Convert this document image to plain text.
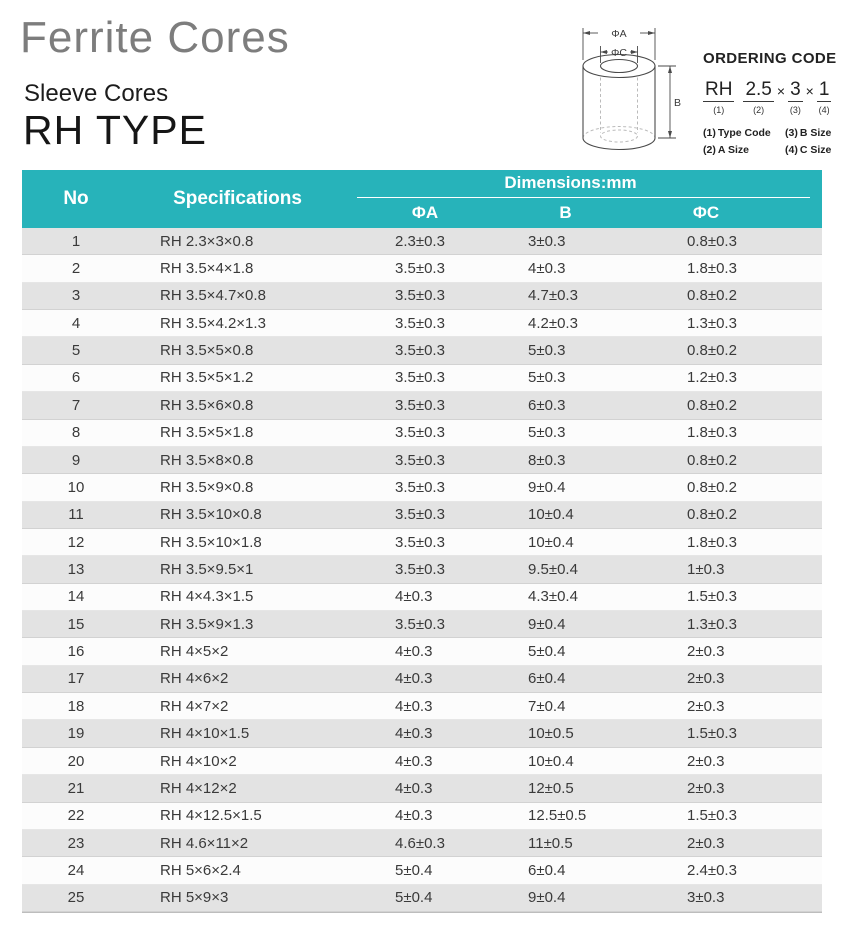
Ferrite Cores
Sleeve Cores
RH TYPE
ΦA
ΦC
B
ORDERING CODE
RH
(1)
2.5
(2)
× 3
(3)
× 1
(4)
(1) Type Code	(3) B Size
(2) A Size	(4) C Size
No	Specifications
Dimensions:mm
ΦA	B	ΦC
1	RH 2.3×3×0.8	2.3±0.3	3±0.3	0.8±0.3
2	RH 3.5×4×1.8	3.5±0.3	4±0.3	1.8±0.3
3	RH 3.5×4.7×0.8	3.5±0.3	4.7±0.3	0.8±0.2
4	RH 3.5×4.2×1.3	3.5±0.3	4.2±0.3	1.3±0.3
5	RH 3.5×5×0.8	3.5±0.3	5±0.3	0.8±0.2
6	RH 3.5×5×1.2	3.5±0.3	5±0.3	1.2±0.3
7	RH 3.5×6×0.8	3.5±0.3	6±0.3	0.8±0.2
8	RH 3.5×5×1.8	3.5±0.3	5±0.3	1.8±0.3
9	RH 3.5×8×0.8	3.5±0.3	8±0.3	0.8±0.2
10	RH 3.5×9×0.8	3.5±0.3	9±0.4	0.8±0.2
11	RH 3.5×10×0.8	3.5±0.3	10±0.4	0.8±0.2
12	RH 3.5×10×1.8	3.5±0.3	10±0.4	1.8±0.3
13	RH 3.5×9.5×1	3.5±0.3	9.5±0.4	1±0.3
14	RH 4×4.3×1.5	4±0.3	4.3±0.4	1.5±0.3
15	RH 3.5×9×1.3	3.5±0.3	9±0.4	1.3±0.3
16	RH 4×5×2	4±0.3	5±0.4	2±0.3
17	RH 4×6×2	4±0.3	6±0.4	2±0.3
18	RH 4×7×2	4±0.3	7±0.4	2±0.3
19	RH 4×10×1.5	4±0.3	10±0.5	1.5±0.3
20	RH 4×10×2	4±0.3	10±0.4	2±0.3
21	RH 4×12×2	4±0.3	12±0.5	2±0.3
22	RH 4×12.5×1.5	4±0.3	12.5±0.5	1.5±0.3
23	RH 4.6×11×2	4.6±0.3	11±0.5	2±0.3
24	RH 5×6×2.4	5±0.4	6±0.4	2.4±0.3
25	RH 5×9×3	5±0.4	9±0.4	3±0.3
